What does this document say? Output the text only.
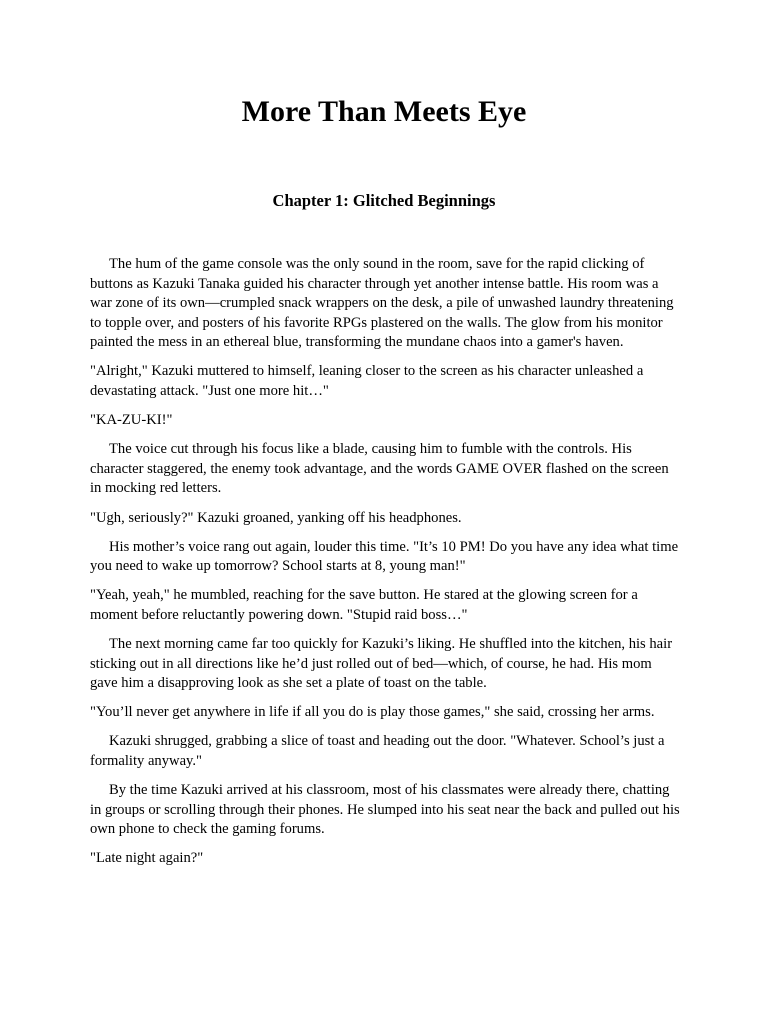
More Than Meets Eye
Chapter 1: Glitched Beginnings

The hum of the game console was the only sound in the room, save for the rapid clicking of buttons as Kazuki Tanaka guided his character through yet another intense battle. His room was a war zone of its own—crumpled snack wrappers on the desk, a pile of unwashed laundry threatening to topple over, and posters of his favorite RPGs plastered on the walls. The glow from his monitor painted the mess in an ethereal blue, transforming the mundane chaos into a gamer's haven.

"Alright," Kazuki muttered to himself, leaning closer to the screen as his character unleashed a devastating attack. "Just one more hit…"

"KA-ZU-KI!"

The voice cut through his focus like a blade, causing him to fumble with the controls. His character staggered, the enemy took advantage, and the words GAME OVER flashed on the screen in mocking red letters.

"Ugh, seriously?" Kazuki groaned, yanking off his headphones.

His mother’s voice rang out again, louder this time. "It’s 10 PM! Do you have any idea what time you need to wake up tomorrow? School starts at 8, young man!"

"Yeah, yeah," he mumbled, reaching for the save button. He stared at the glowing screen for a moment before reluctantly powering down. "Stupid raid boss…"

The next morning came far too quickly for Kazuki’s liking. He shuffled into the kitchen, his hair sticking out in all directions like he’d just rolled out of bed—which, of course, he had. His mom gave him a disapproving look as she set a plate of toast on the table.

"You’ll never get anywhere in life if all you do is play those games," she said, crossing her arms.

Kazuki shrugged, grabbing a slice of toast and heading out the door. "Whatever. School’s just a formality anyway."

By the time Kazuki arrived at his classroom, most of his classmates were already there, chatting in groups or scrolling through their phones. He slumped into his seat near the back and pulled out his own phone to check the gaming forums.

"Late night again?"
